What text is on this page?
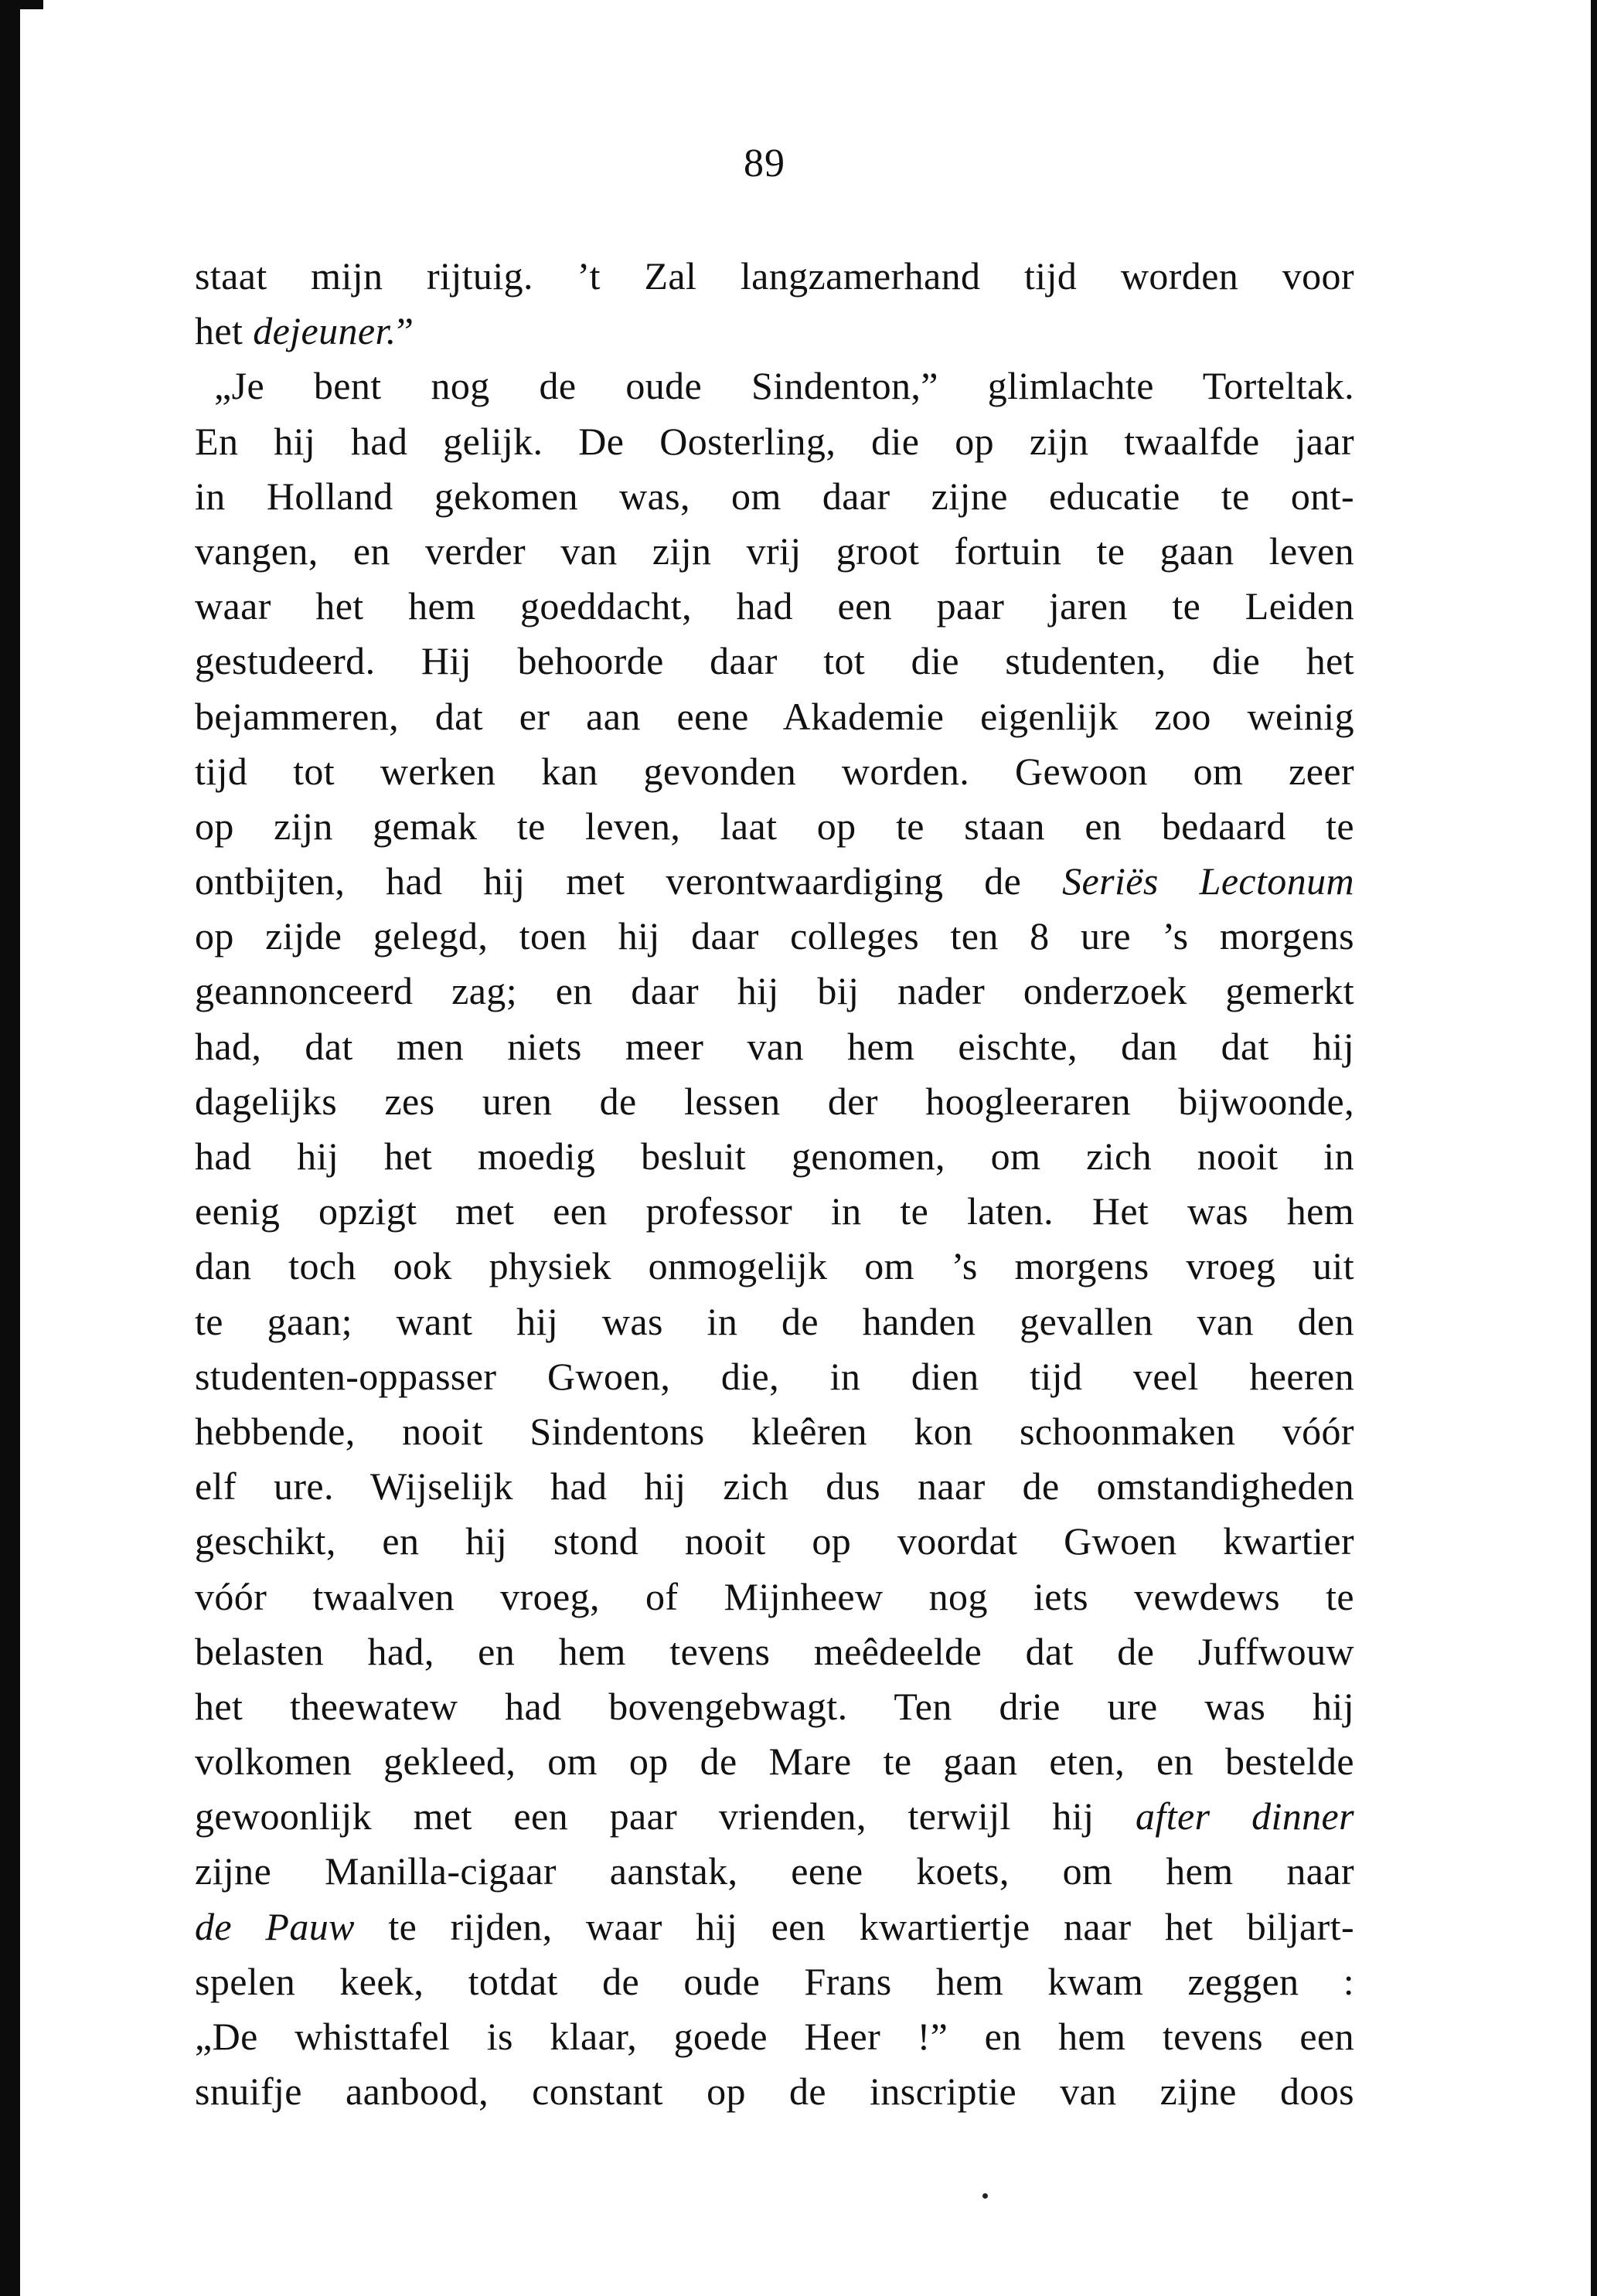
89
staat mijn rijtuig. ’t Zal langzamerhand tijd worden voor
het dejeuner.”
„Je bent nog de oude Sindenton,” glimlachte Torteltak.
En hij had gelijk. De Oosterling, die op zijn twaalfde jaar
in Holland gekomen was, om daar zijne educatie te ont-
vangen, en verder van zijn vrij groot fortuin te gaan leven
waar het hem goeddacht, had een paar jaren te Leiden
gestudeerd. Hij behoorde daar tot die studenten, die het
bejammeren, dat er aan eene Akademie eigenlijk zoo weinig
tijd tot werken kan gevonden worden. Gewoon om zeer
op zijn gemak te leven, laat op te staan en bedaard te
ontbijten, had hij met verontwaardiging de Seriës Lectonum
op zijde gelegd, toen hij daar colleges ten 8 ure ’s morgens
geannonceerd zag; en daar hij bij nader onderzoek gemerkt
had, dat men niets meer van hem eischte, dan dat hij
dagelijks zes uren de lessen der hoogleeraren bijwoonde,
had hij het moedig besluit genomen, om zich nooit in
eenig opzigt met een professor in te laten. Het was hem
dan toch ook physiek onmogelijk om ’s morgens vroeg uit
te gaan; want hij was in de handen gevallen van den
studenten-oppasser Gwoen, die, in dien tijd veel heeren
hebbende, nooit Sindentons kleêren kon schoonmaken vóór
elf ure. Wijselijk had hij zich dus naar de omstandigheden
geschikt, en hij stond nooit op voordat Gwoen kwartier
vóór twaalven vroeg, of Mijnheew nog iets vewdews te
belasten had, en hem tevens meêdeelde dat de Juffwouw
het theewatew had bovengebwagt. Ten drie ure was hij
volkomen gekleed, om op de Mare te gaan eten, en bestelde
gewoonlijk met een paar vrienden, terwijl hij after dinner
zijne Manilla-cigaar aanstak, eene koets, om hem naar
de Pauw te rijden, waar hij een kwartiertje naar het biljart-
spelen keek, totdat de oude Frans hem kwam zeggen :
„De whisttafel is klaar, goede Heer !” en hem tevens een
snuifje aanbood, constant op de inscriptie van zijne doos
